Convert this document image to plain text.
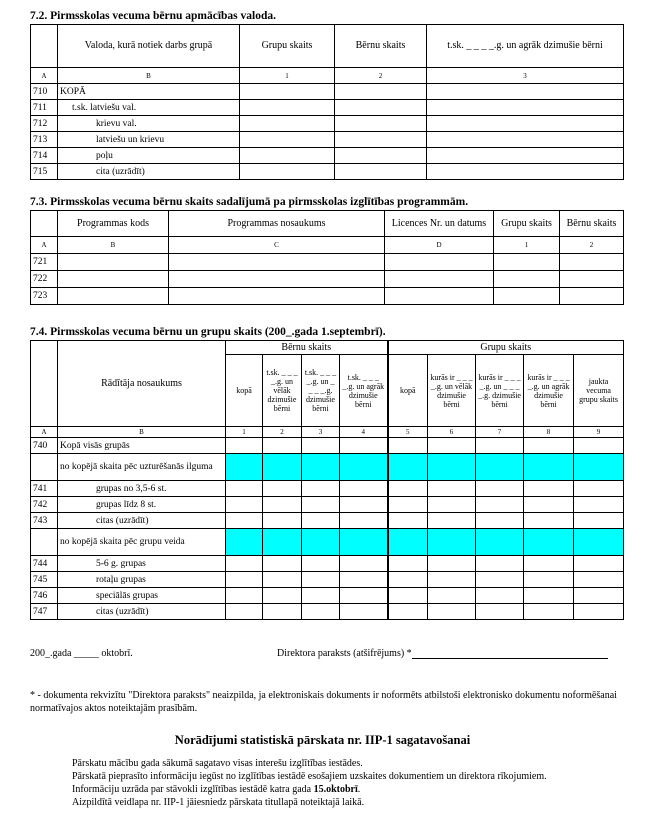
7.2. Pirmsskolas vecuma bērnu apmācības valoda.
	Valoda, kurā notiek darbs grupā	Grupu skaits	Bērnu skaits	t.sk. _ _ _ _.g. un agrāk dzimušie bērni
A	B	1	2	3
710	KOPĀ			
711	t.sk. latviešu val.			
712	krievu val.			
713	latviešu un krievu			
714	poļu			
715	cita (uzrādīt)			
7.3. Pirmsskolas vecuma bērnu skaits sadalījumā pa pirmsskolas izglītības programmām.
	Programmas kods	Programmas nosaukums	Licences Nr. un datums	Grupu skaits	Bērnu skaits
A	B	C	D	1	2
721					
722					
723					
7.4. Pirmsskolas vecuma bērnu un grupu skaits (200_.gada 1.septembrī).
	Rādītāja nosaukums	Bērnu skaits				Grupu skaits				
		kopā	t.sk. _ _ _ _.g. un vēlāk dzimušie bērni	t.sk. _ _ _ _.g. un _ _ _ _.g. dzimušie bērni	t.sk. _ _ _ _.g. un agrāk dzimušie bērni	kopā	kurās ir _ _ _ _.g. un vēlāk dzimušie bērni	kurās ir _ _ _ _.g. un _ _ _ _.g. dzimušie bērni	kurās ir _ _ _ _.g. un agrāk dzimušie bērni	jaukta vecuma grupu skaits
A	B	1	2	3	4	5	6	7	8	9
740	Kopā visās grupās									
	no kopējā skaita pēc uzturēšanās ilguma									
741	grupas no 3,5-6 st.									
742	grupas līdz 8 st.									
743	citas (uzrādīt)									
	no kopējā skaita pēc grupu veida									
744	5-6 g. grupas									
745	rotaļu grupas									
746	speciālās grupas									
747	citas (uzrādīt)									
200_.gada _____ oktobrī.	Direktora paraksts (atšifrējums) *
* - dokumenta rekvizītu "Direktora paraksts" neaizpilda, ja elektroniskais dokuments ir noformēts atbilstoši elektronisko dokumentu noformēšanai normatīvajos aktos noteiktajām prasībām.
Norādījumi statistiskā pārskata nr. IIP-1 sagatavošanai
Pārskatu mācību gada sākumā sagatavo visas interešu izglītības iestādes.
Pārskatā pieprasīto informāciju iegūst no izglītības iestādē esošajiem uzskaites dokumentiem un direktora rīkojumiem.
Informāciju uzrāda par stāvokli izglītības iestādē katra gada 15.oktobrī.
Aizpildītā veidlapa nr. IIP-1 jāiesniedz pārskata titullapā noteiktajā laikā.
